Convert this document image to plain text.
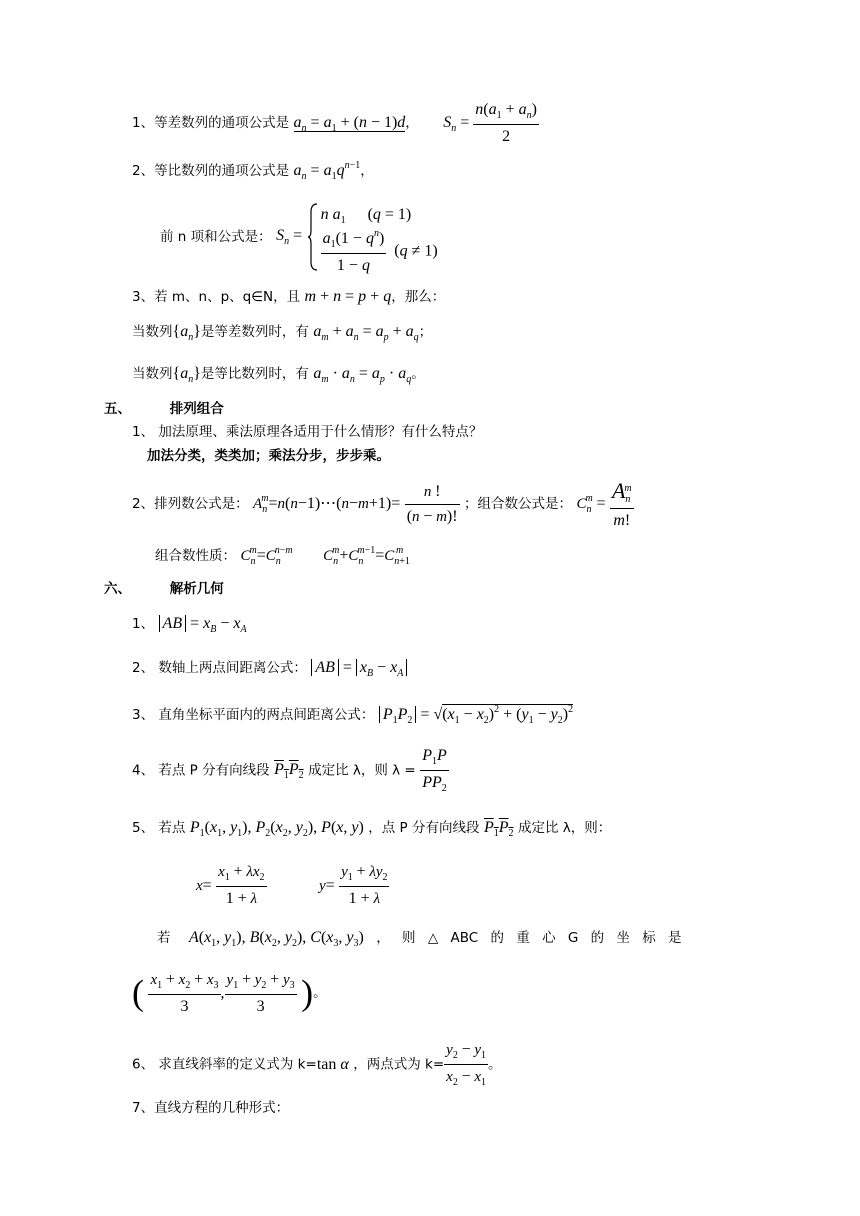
1、等差数列的通项公式是 $a_n = a_1 + (n - 1)d$， $S_n = \frac{n(a_1 + a_n)}{2}$
2、等比数列的通项公式是 $a_n = a_1q^{n-1}$，
前 n 项和公式是： $S_n$ =
n $a_1$ (q = 1)
$\frac{a_1(1 - q^n)}{1 - q} (q \ne 1)$
3、若 m、n、p、q∈N，且 m + n = p + q，那么：
当数列$\{a_n\}$是等差数列时，有 $a_m + a_n = a_p + a_q$；
当数列$\{a_n\}$是等比数列时，有 $a_m \cdot a_n = a_p \cdot a_q$。
五、	排列组合
1、 加法原理、乘法原理各适用于什么情形？有什么特点？
加法分类，类类加；乘法分步，步步乘。
2、排列数公式是： $A_n^m=n(n-1)\cdots(n-m+1)= \frac{n !}{(n - m)!}$ ；组合数公式是： $C_n^m = \frac{A_n^m}{m!}$
组合数性质： $C_n^m=C_n^{n-m}$ $C_n^m+C_n^{m-1}=C_{n+1}^m$
六、	解析几何
1、 AB = $x_B - x_A$
2、 数轴上两点间距离公式： AB = $x_B - x_A$
3、 直角坐标平面内的两点间距离公式： $P_1P_2 = √(x_1 - x_2)^2 + (y_1 - y_2)^2$
4、 若点 P 分有向线段 $P_1P_2$ 成定比 λ，则 $\lambda = \frac{P_1P}{PP_2}$
5、 若点 $P_1(x_1$, $y_1$), $P_2(x_2$, $y_2$), P(x, y) ，点 P 分有向线段 $P_1P_2$ 成定比 λ，则：
$x= \frac{x_1 + \lambda x_2}{1 + \lambda}$	$y= \frac{y_1 + \lambda y_2}{1 + \lambda}$
若 $A(x_1$, $y_1$), $B(x_2$, $y_2$), $C(x_3$, $y_3$) ， 则 △ ABC 的 重 心 G 的 坐 标 是
( $\frac{x_1 + x_2 + x_3}{3}$ , $\frac{y_1 + y_2 + y_3}{3}$ )。
6、 求直线斜率的定义式为 k=tan α ，两点式为 $k= \frac{y_2 - y_1}{x_2 - x_1}$ 。
7、直线方程的几种形式：
